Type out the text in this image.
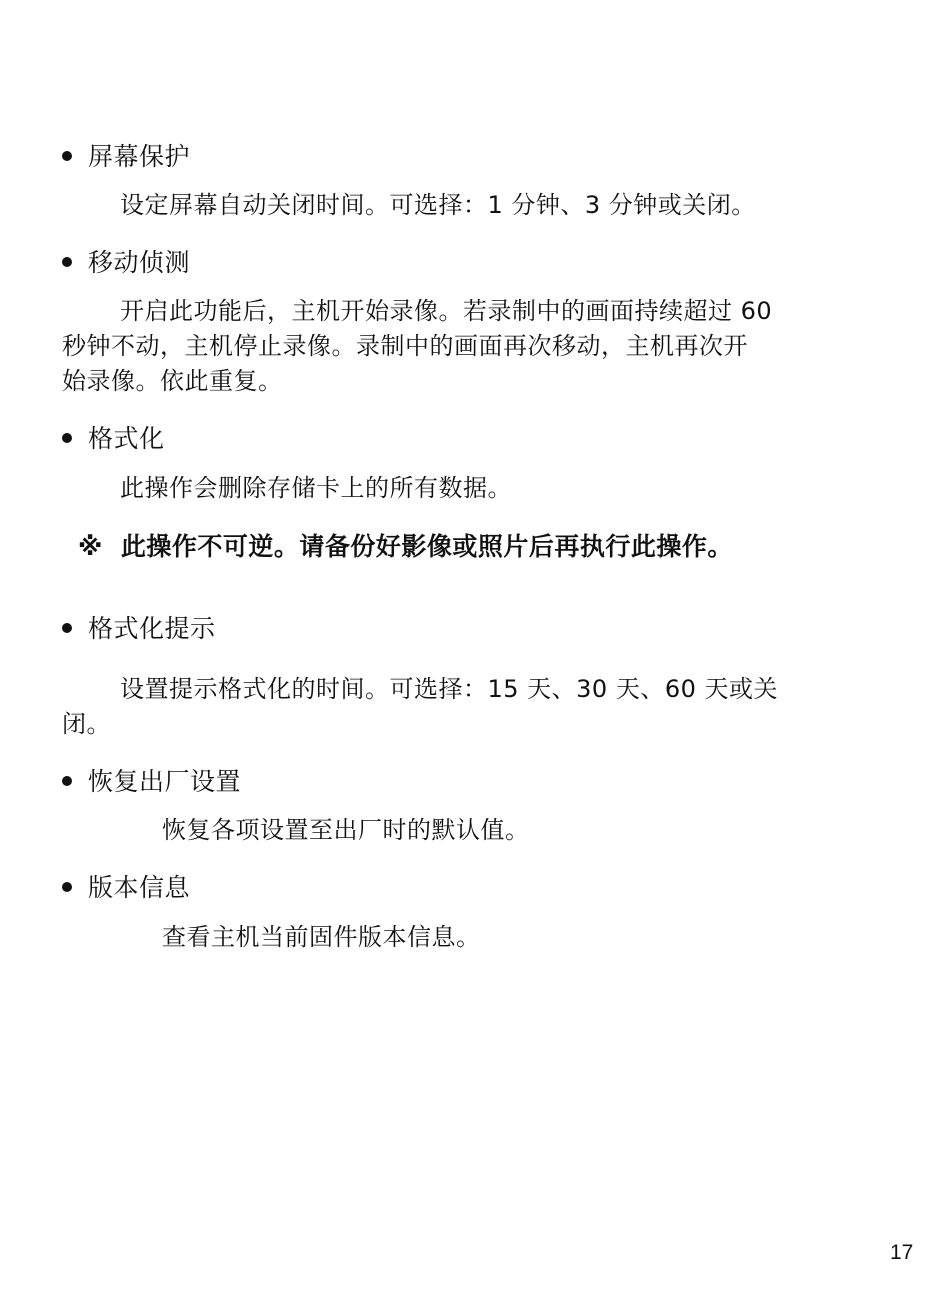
屏幕保护
设定屏幕自动关闭时间。可选择：1 分钟、3 分钟或关闭。
移动侦测
开启此功能后，主机开始录像。若录制中的画面持续超过 60
秒钟不动，主机停止录像。录制中的画面再次移动，主机再次开
始录像。依此重复。
格式化
此操作会删除存储卡上的所有数据。
※ 此操作不可逆。请备份好影像或照片后再执行此操作。
格式化提示
设置提示格式化的时间。可选择：15 天、30 天、60 天或关
闭。
恢复出厂设置
恢复各项设置至出厂时的默认值。
版本信息
查看主机当前固件版本信息。
17
